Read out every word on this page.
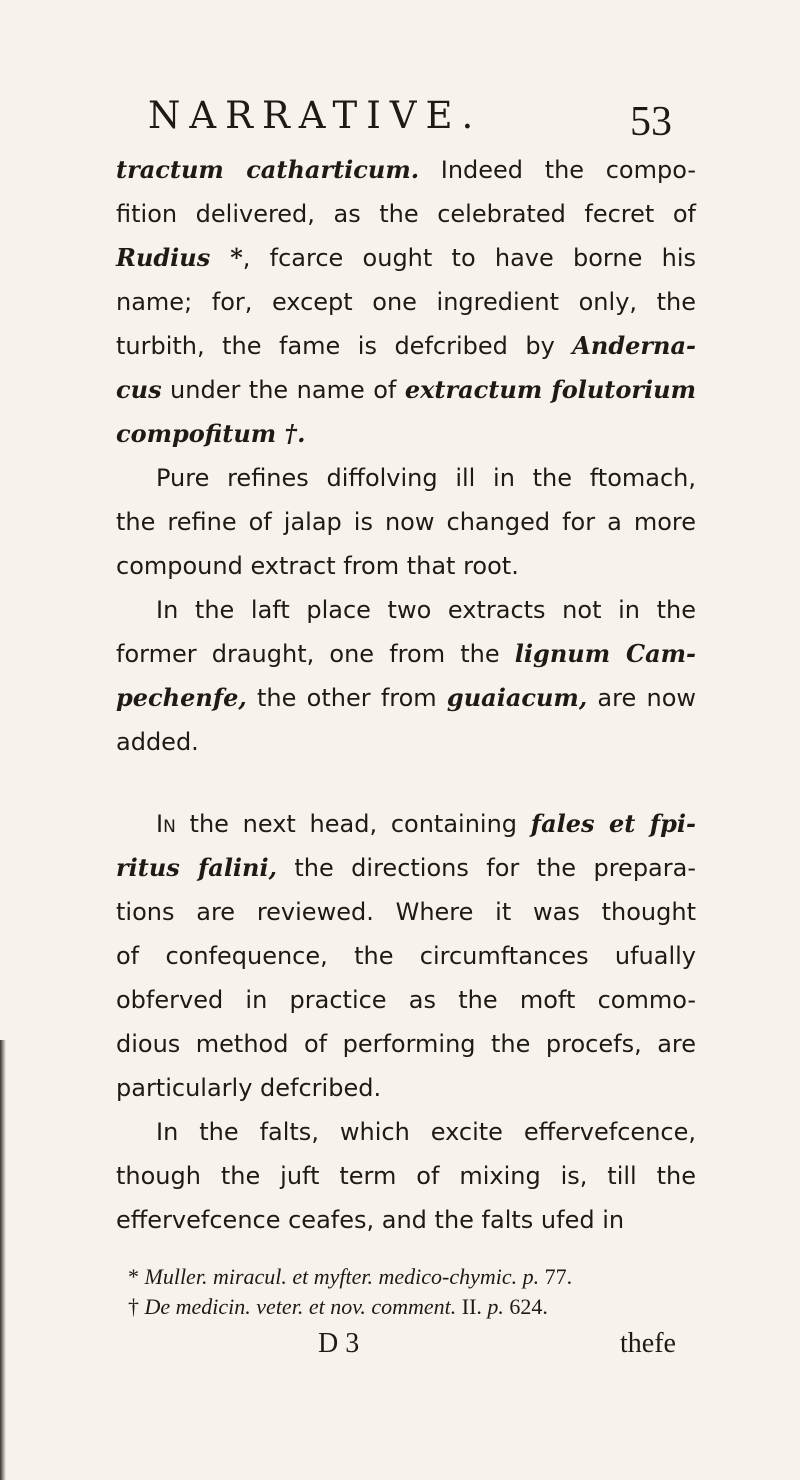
NARRATIVE.	53
tractum catharticum. Indeed the compo-
fition delivered, as the celebrated fecret of
Rudius *, fcarce ought to have borne his
name; for, except one ingredient only, the
turbith, the fame is defcribed by Anderna-
cus under the name of extractum folutorium
compofitum †.
Pure refines diffolving ill in the ftomach,
the refine of jalap is now changed for a more
compound extract from that root.
In the laft place two extracts not in the
former draught, one from the lignum Cam-
pechenfe, the other from guaiacum, are now
added.
In the next head, containing fales et fpi-
ritus falini, the directions for the prepara-
tions are reviewed. Where it was thought
of confequence, the circumftances ufually
obferved in practice as the moft commo-
dious method of performing the procefs, are
particularly defcribed.
In the falts, which excite effervefcence,
though the juft term of mixing is, till the
effervefcence ceafes, and the falts ufed in
* Muller. miracul. et myfter. medico-chymic. p. 77.
† De medicin. veter. et nov. comment. II. p. 624.
D 3	thefe
